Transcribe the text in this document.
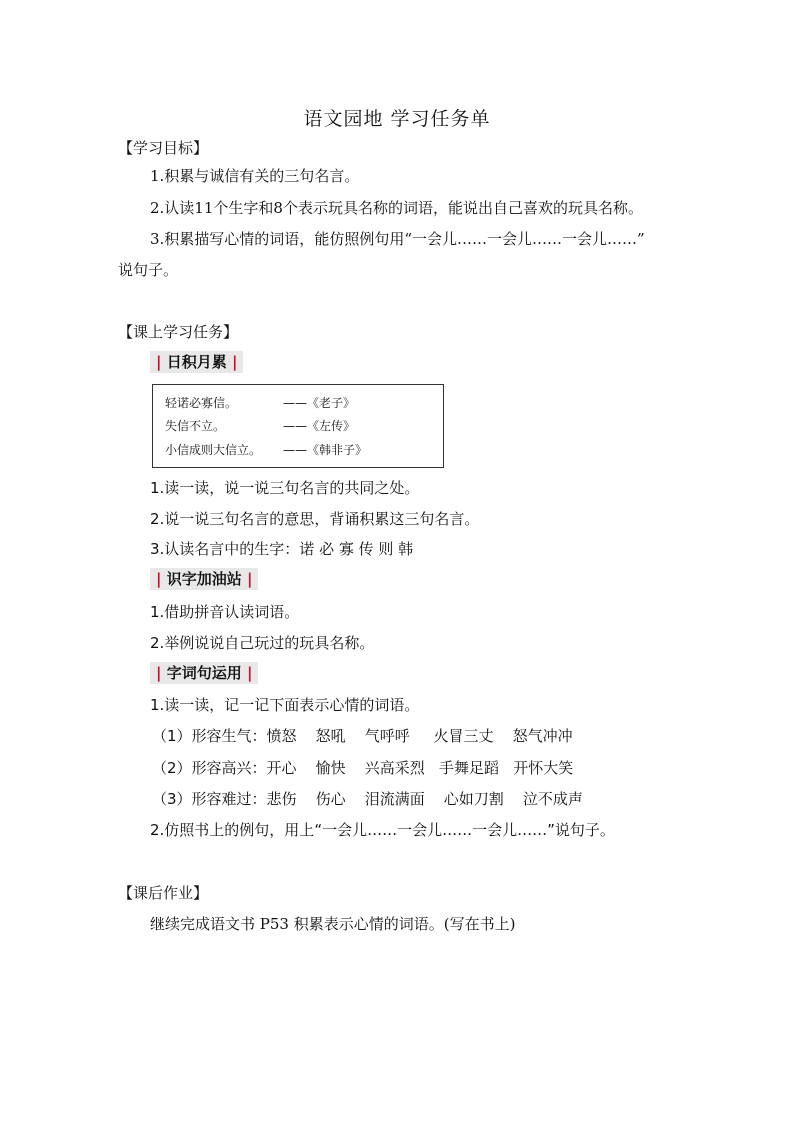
语文园地 学习任务单
【学习目标】
1.积累与诚信有关的三句名言。
2.认读11个生字和8个表示玩具名称的词语，能说出自己喜欢的玩具名称。
3.积累描写心情的词语，能仿照例句用“一会儿……一会儿……一会儿……”
说句子。
【课上学习任务】
| 日积月累 |
轻诺必寡信。	——《老子》
失信不立。	——《左传》
小信成则大信立。 ——《韩非子》
1.读一读，说一说三句名言的共同之处。
2.说一说三句名言的意思，背诵积累这三句名言。
3.认读名言中的生字：诺 必 寡 传 则 韩
| 识字加油站 |
1.借助拼音认读词语。
2.举例说说自己玩过的玩具名称。
| 字词句运用 |
1.读一读，记一记下面表示心情的词语。
（1）形容生气：愤怒    怒吼    气呼呼     火冒三丈    怒气冲冲
（2）形容高兴：开心    愉快    兴高采烈   手舞足蹈   开怀大笑
（3）形容难过：悲伤    伤心    泪流满面    心如刀割    泣不成声
2.仿照书上的例句，用上“一会儿……一会儿……一会儿……”说句子。
【课后作业】
继续完成语文书 P53 积累表示心情的词语。(写在书上)
